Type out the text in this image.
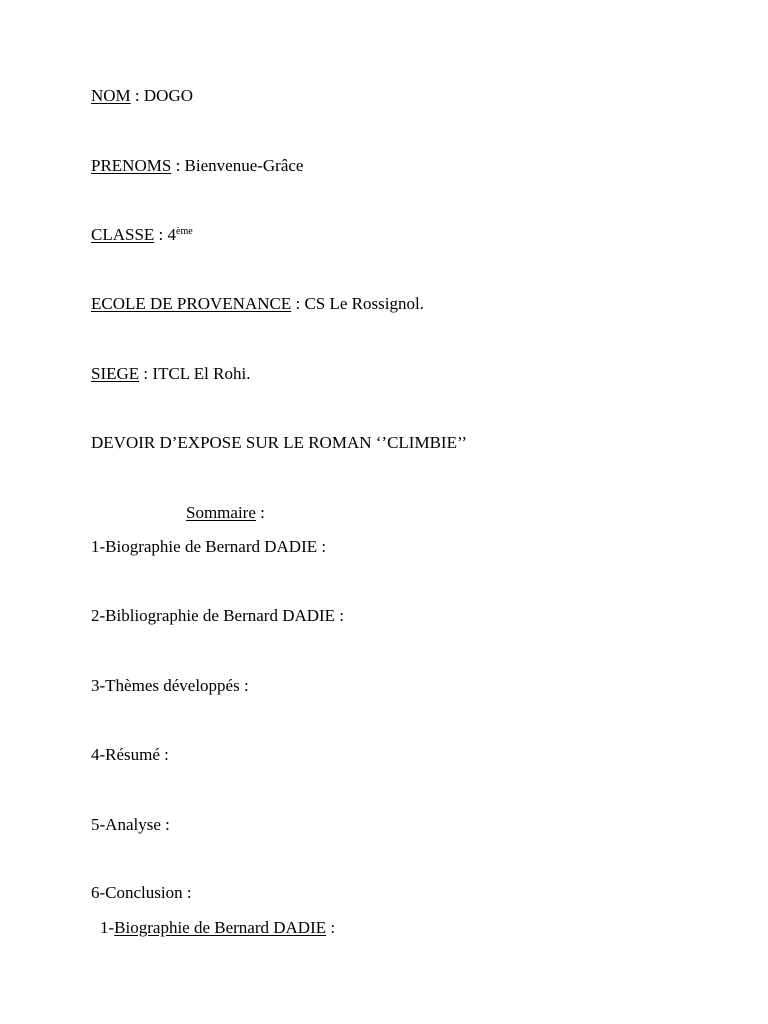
NOM : DOGO
PRENOMS : Bienvenue-Grâce
CLASSE : 4ème
ECOLE DE PROVENANCE : CS Le Rossignol.
SIEGE : ITCL El Rohi.
DEVOIR D’EXPOSE SUR LE ROMAN ‘’CLIMBIE’’
Sommaire :
1-Biographie de Bernard DADIE :
2-Bibliographie de Bernard DADIE :
3-Thèmes développés :
4-Résumé :
5-Analyse :
6-Conclusion :
1-Biographie de Bernard DADIE :
